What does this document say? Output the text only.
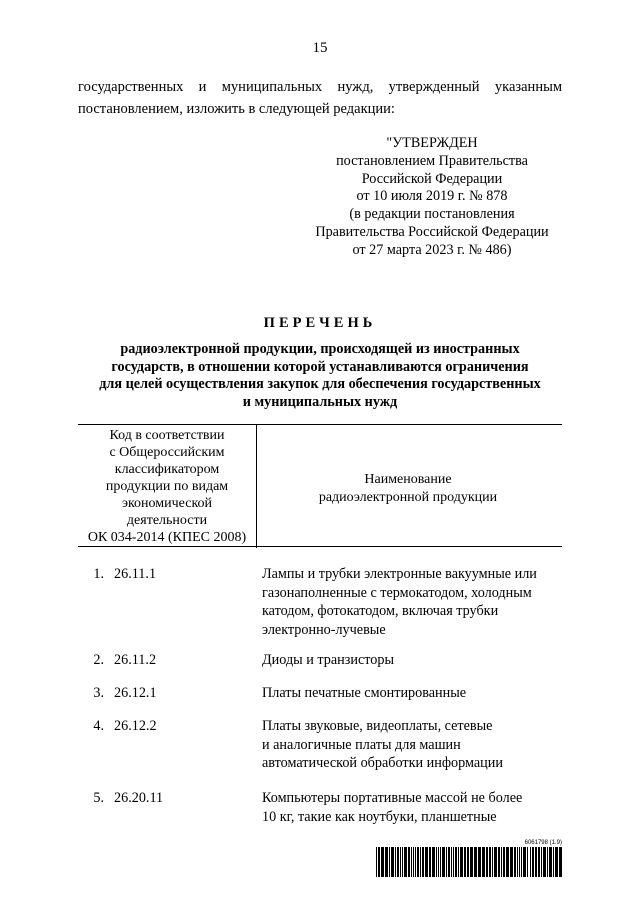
15
государственных и муниципальных нужд, утвержденный указанным
постановлением, изложить в следующей редакции:
"УТВЕРЖДЕН
постановлением Правительства
Российской Федерации
от 10 июля 2019 г. № 878
(в редакции постановления
Правительства Российской Федерации
от 27 марта 2023 г. № 486)
ПЕРЕЧЕНЬ
радиоэлектронной продукции, происходящей из иностранных
государств, в отношении которой устанавливаются ограничения
для целей осуществления закупок для обеспечения государственных
и муниципальных нужд
Код в соответствии
с Общероссийским
классификатором
продукции по видам
экономической
деятельности
ОК 034-2014 (КПЕС 2008)
Наименование
радиоэлектронной продукции
1. 26.11.1	Лампы и трубки электронные вакуумные или
газонаполненные с термокатодом, холодным
катодом, фотокатодом, включая трубки
электронно-лучевые
2. 26.11.2	Диоды и транзисторы
3. 26.12.1	Платы печатные смонтированные
4. 26.12.2	Платы звуковые, видеоплаты, сетевые
и аналогичные платы для машин
автоматической обработки информации
5. 26.20.11	Компьютеры портативные массой не более
10 кг, такие как ноутбуки, планшетные
6061798 (1.9)
